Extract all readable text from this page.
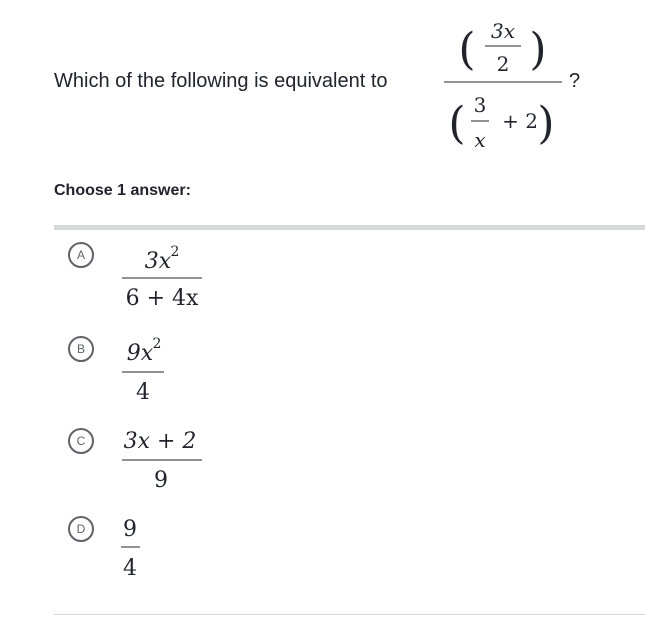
Which of the following is equivalent to
( 3x
2 )
( 3
x
+ 2 )
?
Choose 1 answer:
A	3x 2
6 + 4x
B	9x 2
4
C	3x + 2
9
D	9
4
